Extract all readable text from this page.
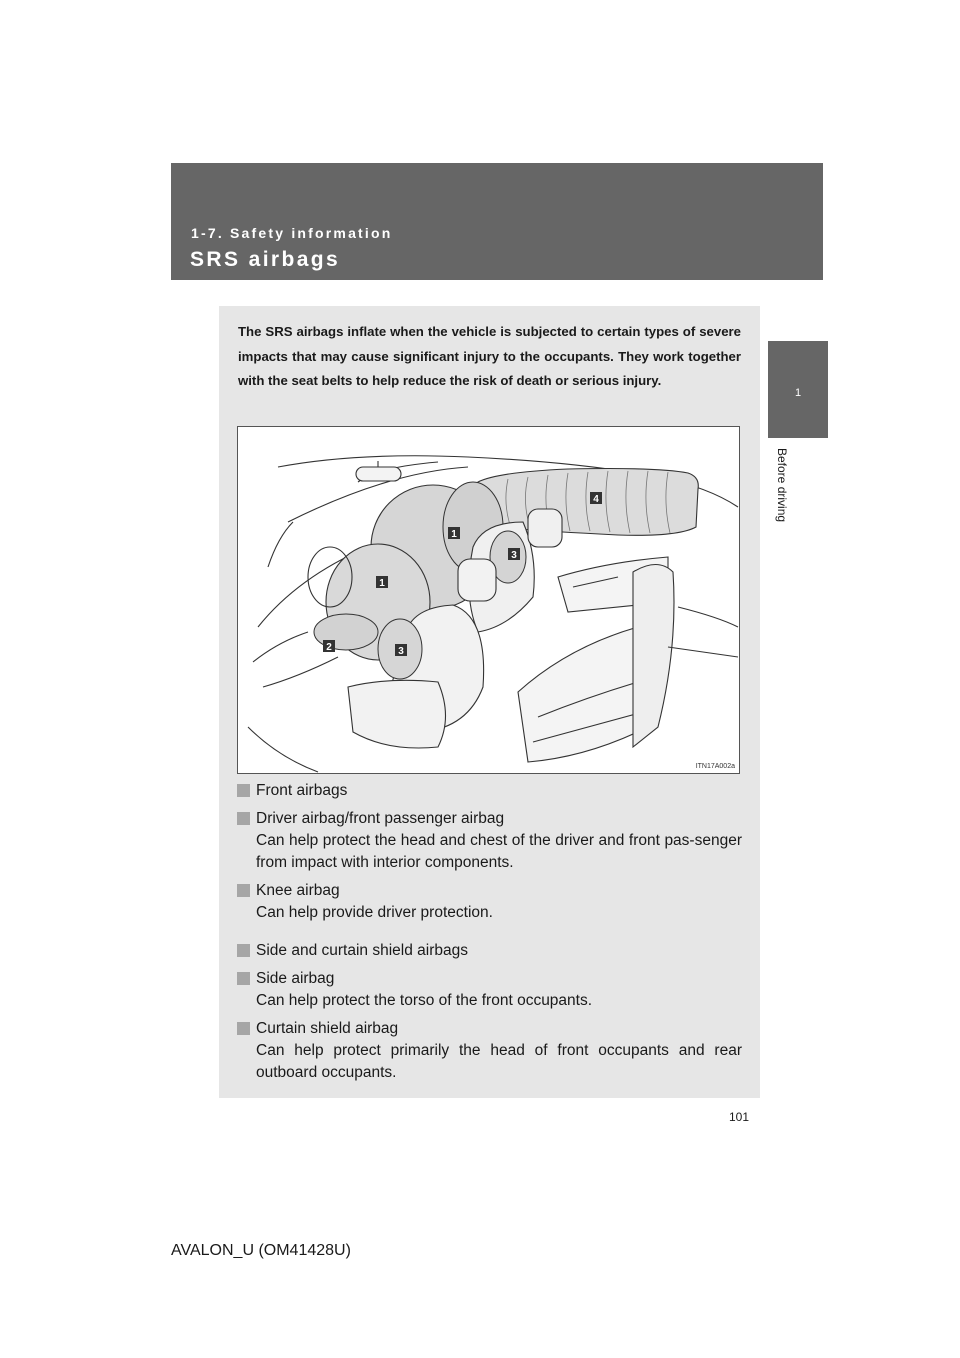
1-7. Safety information
SRS airbags
1
Before driving
The SRS airbags inflate when the vehicle is subjected to certain types of severe impacts that may cause significant injury to the occupants. They work together with the seat belts to help reduce the risk of death or serious injury.
1
1
2	3
3
4
ITN17A002a
Front airbags
Driver airbag/front passenger airbag
Can help protect the head and chest of the driver and front pas-senger from impact with interior components.
Knee airbag
Can help provide driver protection.
Side and curtain shield airbags
Side airbag
Can help protect the torso of the front occupants.
Curtain shield airbag
Can help protect primarily the head of front occupants and rear outboard occupants.
101
AVALON_U (OM41428U)
